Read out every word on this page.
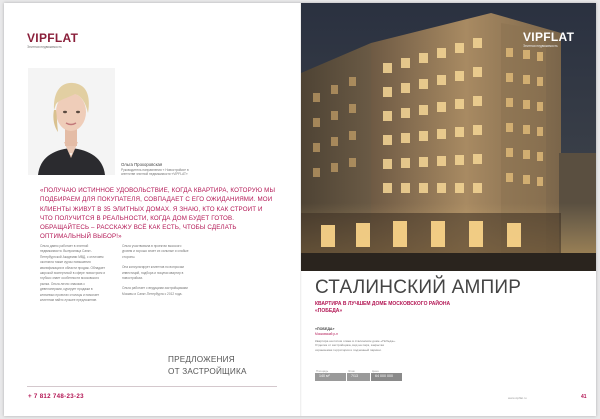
VIPFLAT
Элитная недвижимость
Ольга Прохоровская
Руководитель направления « Новостройки» в агентстве элитной недвижимости «VIPFLAT»
«ПОЛУЧАЮ ИСТИННОЕ УДОВОЛЬСТВИЕ, КОГДА КВАРТИРА, КОТОРУЮ МЫ ПОДБИРАЕМ ДЛЯ ПОКУПАТЕЛЯ, СОВПАДАЕТ С ЕГО ОЖИДАНИЯМИ. МОИ КЛИЕНТЫ ЖИВУТ В 35 ЭЛИТНЫХ ДОМАХ. Я ЗНАЮ, КТО КАК СТРОИТ И ЧТО ПОЛУЧИТСЯ В РЕАЛЬНОСТИ, КОГДА ДОМ БУДЕТ ГОТОВ. ОБРАЩАЙТЕСЬ – РАССКАЖУ ВСЁ КАК ЕСТЬ, ЧТОБЫ СДЕЛАТЬ ОПТИМАЛЬНЫЙ ВЫБОР!»

Ольга давно работает в элитной недвижимости. Выпускница Санкт-Петербургской Академии МВД, с отличием окончила также курсы повышения квалификации в области продаж. Обладает широкой экспертизой в сфере новостроек и глубоко знает особенности московского рынка. Ольга лично знакома с девелоперами, курирует продажи в ключевых проектах столицы и помогает клиентам найти лучшее предложение.

Ольга участвовала в проектах высокого уровня и хорошо знает их сильные и слабые стороны.

Она консультирует клиентов по вопросам инвестиций, подбора и покупки квартир в новостройках.

Ольга работает с ведущими застройщиками Москвы и Санкт-Петербурга с 2012 года.

ПРЕДЛОЖЕНИЯ
ОТ ЗАСТРОЙЩИКА
+ 7 812 748-23-23
VIPFLAT
Элитная недвижимость
СТАЛИНСКИЙ АМПИР
КВАРТИРА В ЛУЧШЕМ ДОМЕ МОСКОВСКОГО РАЙОНА «ПОБЕДА»
«ПОБЕДА»
Московский р-н
Квартира на пятом этаже в сталинском доме «Победа». Отделка от застройщика, вид на парк, закрытая охраняемая территория и подземный паркинг.
Площадь
140 м²
Этаж
7/13
Цена
64 000 000 руб.
www.vipflat.ru	41
